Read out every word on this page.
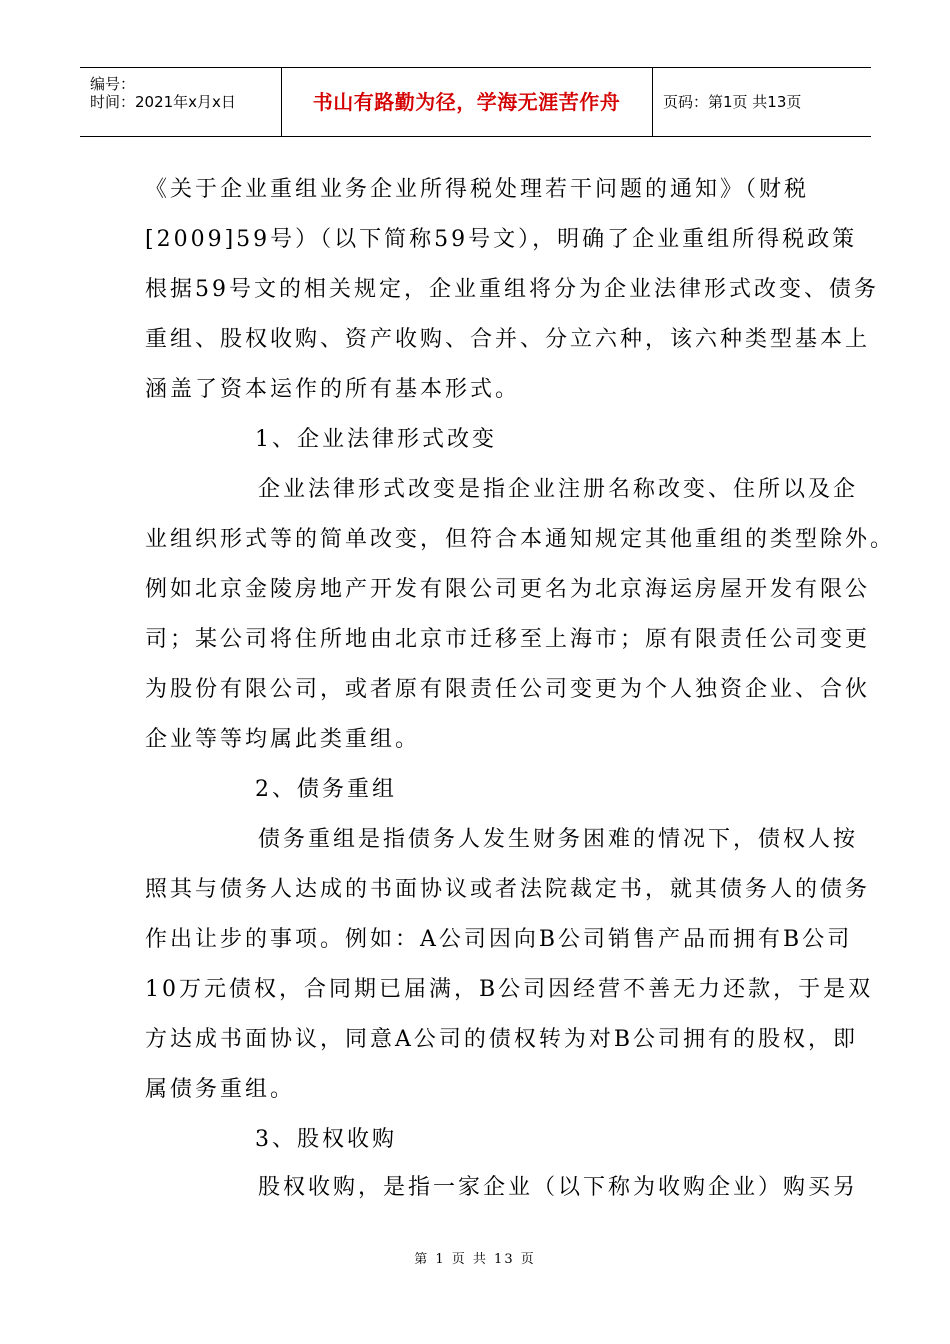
编号：
时间：2021年x月x日	书山有路勤为径，学海无涯苦作舟	页码：第1页 共13页
《关于企业重组业务企业所得税处理若干问题的通知》（财税
[2009]59号）（以下简称59号文），明确了企业重组所得税政策
根据59号文的相关规定，企业重组将分为企业法律形式改变、债务
重组、股权收购、资产收购、合并、分立六种，该六种类型基本上
涵盖了资本运作的所有基本形式。
1、企业法律形式改变
企业法律形式改变是指企业注册名称改变、住所以及企
业组织形式等的简单改变，但符合本通知规定其他重组的类型除外。
例如北京金陵房地产开发有限公司更名为北京海运房屋开发有限公
司；某公司将住所地由北京市迁移至上海市；原有限责任公司变更
为股份有限公司，或者原有限责任公司变更为个人独资企业、合伙
企业等等均属此类重组。
2、债务重组
债务重组是指债务人发生财务困难的情况下，债权人按
照其与债务人达成的书面协议或者法院裁定书，就其债务人的债务
作出让步的事项。例如：A公司因向B公司销售产品而拥有B公司
10万元债权，合同期已届满，B公司因经营不善无力还款，于是双
方达成书面协议，同意A公司的债权转为对B公司拥有的股权，即
属债务重组。
3、股权收购
股权收购，是指一家企业（以下称为收购企业）购买另
第 1 页 共 13 页
